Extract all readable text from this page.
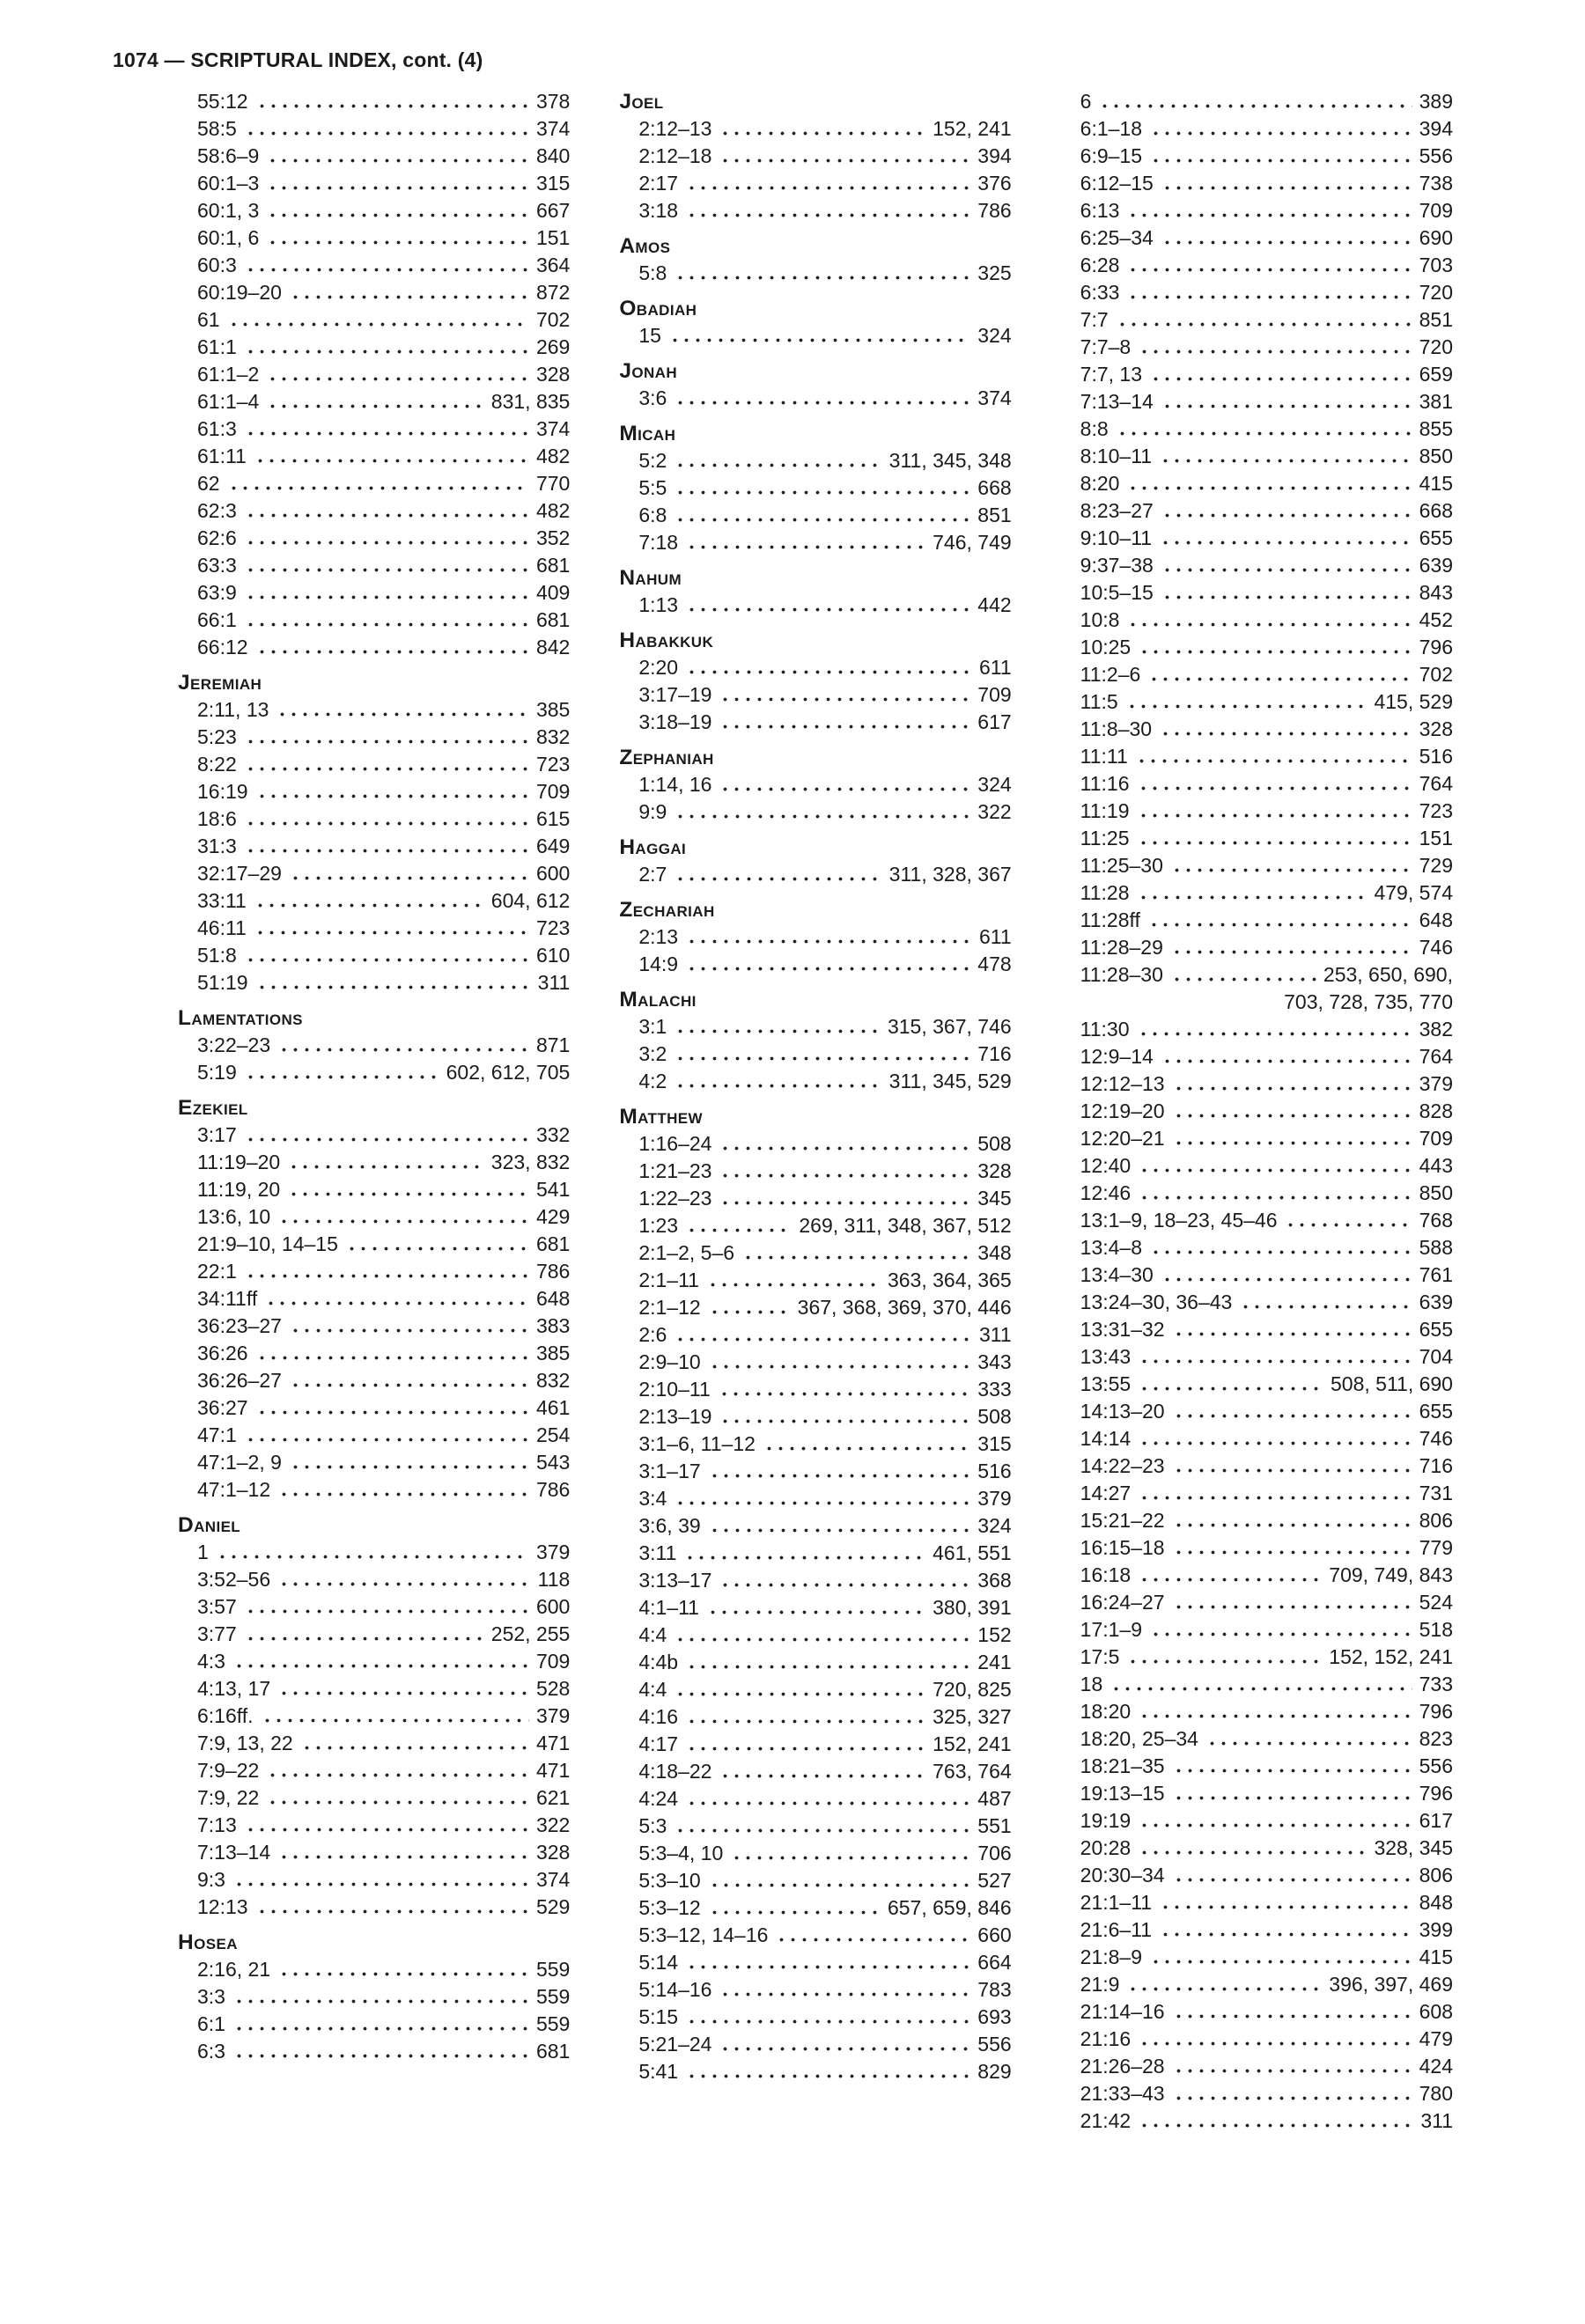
1074 — SCRIPTURAL INDEX, cont. (4)
55:12	378
58:5	374
58:6–9	840
60:1–3	315
60:1, 3	667
60:1, 6	151
60:3	364
60:19–20	872
61	702
61:1	269
61:1–2	328
61:1–4	831, 835
61:3	374
61:11	482
62	770
62:3	482
62:6	352
63:3	681
63:9	409
66:1	681
66:12	842
Jeremiah
2:11, 13	385
5:23	832
8:22	723
16:19	709
18:6	615
31:3	649
32:17–29	600
33:11	604, 612
46:11	723
51:8	610
51:19	311
Lamentations
3:22–23	871
5:19	602, 612, 705
Ezekiel
3:17	332
11:19–20	323, 832
11:19, 20	541
13:6, 10	429
21:9–10, 14–15	681
22:1	786
34:11ff	648
36:23–27	383
36:26	385
36:26–27	832
36:27	461
47:1	254
47:1–2, 9	543
47:1–12	786
Daniel
1	379
3:52–56	118
3:57	600
3:77	252, 255
4:3	709
4:13, 17	528
6:16ff.	379
7:9, 13, 22	471
7:9–22	471
7:9, 22	621
7:13	322
7:13–14	328
9:3	374
12:13	529
Hosea
2:16, 21	559
3:3	559
6:1	559
6:3	681
Joel
2:12–13	152, 241
2:12–18	394
2:17	376
3:18	786
Amos
5:8	325
Obadiah
15	324
Jonah
3:6	374
Micah
5:2	311, 345, 348
5:5	668
6:8	851
7:18	746, 749
Nahum
1:13	442
Habakkuk
2:20	611
3:17–19	709
3:18–19	617
Zephaniah
1:14, 16	324
9:9	322
Haggai
2:7	311, 328, 367
Zechariah
2:13	611
14:9	478
Malachi
3:1	315, 367, 746
3:2	716
4:2	311, 345, 529
Matthew
1:16–24	508
1:21–23	328
1:22–23	345
1:23	269, 311, 348, 367, 512
2:1–2, 5–6	348
2:1–11	363, 364, 365
2:1–12	367, 368, 369, 370, 446
2:6	311
2:9–10	343
2:10–11	333
2:13–19	508
3:1–6, 11–12	315
3:1–17	516
3:4	379
3:6, 39	324
3:11	461, 551
3:13–17	368
4:1–11	380, 391
4:4	152
4:4b	241
4:4	720, 825
4:16	325, 327
4:17	152, 241
4:18–22	763, 764
4:24	487
5:3	551
5:3–4, 10	706
5:3–10	527
5:3–12	657, 659, 846
5:3–12, 14–16	660
5:14	664
5:14–16	783
5:15	693
5:21–24	556
5:41	829
6	389
6:1–18	394
6:9–15	556
6:12–15	738
6:13	709
6:25–34	690
6:28	703
6:33	720
7:7	851
7:7–8	720
7:7, 13	659
7:13–14	381
8:8	855
8:10–11	850
8:20	415
8:23–27	668
9:10–11	655
9:37–38	639
10:5–15	843
10:8	452
10:25	796
11:2–6	702
11:5	415, 529
11:8–30	328
11:11	516
11:16	764
11:19	723
11:25	151
11:25–30	729
11:28	479, 574
11:28ff	648
11:28–29	746
11:28–30	253, 650, 690,
703, 728, 735, 770
11:30	382
12:9–14	764
12:12–13	379
12:19–20	828
12:20–21	709
12:40	443
12:46	850
13:1–9, 18–23, 45–46	768
13:4–8	588
13:4–30	761
13:24–30, 36–43	639
13:31–32	655
13:43	704
13:55	508, 511, 690
14:13–20	655
14:14	746
14:22–23	716
14:27	731
15:21–22	806
16:15–18	779
16:18	709, 749, 843
16:24–27	524
17:1–9	518
17:5	152, 152, 241
18	733
18:20	796
18:20, 25–34	823
18:21–35	556
19:13–15	796
19:19	617
20:28	328, 345
20:30–34	806
21:1–11	848
21:6–11	399
21:8–9	415
21:9	396, 397, 469
21:14–16	608
21:16	479
21:26–28	424
21:33–43	780
21:42	311
